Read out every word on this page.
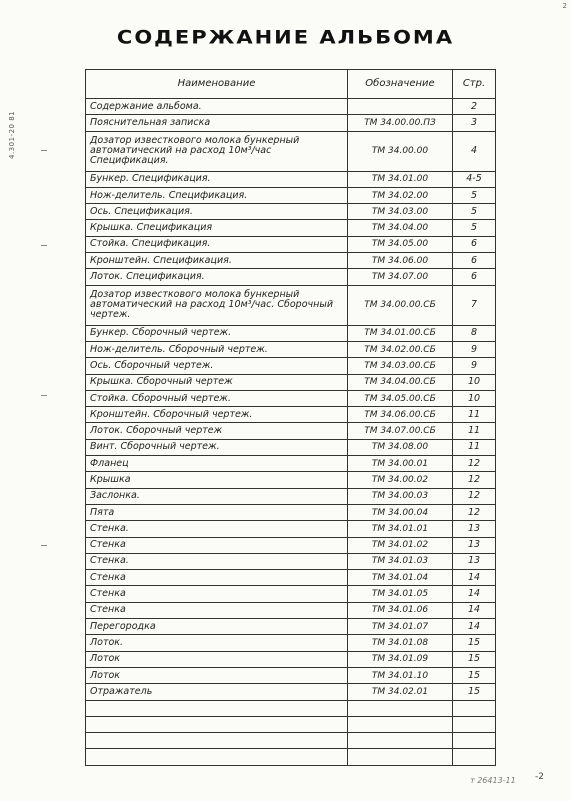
4.301-20 81
2
СОДЕРЖАНИЕ АЛЬБОМА
Наименование	Обозначение	Стр.
Содержание альбома.		2
Пояснительная записка	ТМ 34.00.00.ПЗ	3
Дозатор известкового молока бункерный автоматический на расход 10м³/час Спецификация.	ТМ 34.00.00	4
Бункер. Спецификация.	ТМ 34.01.00	4-5
Нож-делитель. Спецификация.	ТМ 34.02.00	5
Ось. Спецификация.	ТМ 34.03.00	5
Крышка. Спецификация	ТМ 34.04.00	5
Стойка. Спецификация.	ТМ 34.05.00	6
Кронштейн. Спецификация.	ТМ 34.06.00	6
Лоток. Спецификация.	ТМ 34.07.00	6
Дозатор известкового молока бункерный автоматический на расход 10м³/час. Сборочный чертеж.	ТМ 34.00.00.СБ	7
Бункер. Сборочный чертеж.	ТМ 34.01.00.СБ	8
Нож-делитель. Сборочный чертеж.	ТМ 34.02.00.СБ	9
Ось. Сборочный чертеж.	ТМ 34.03.00.СБ	9
Крышка. Сборочный чертеж	ТМ 34.04.00.СБ	10
Стойка. Сборочный чертеж.	ТМ 34.05.00.СБ	10
Кронштейн. Сборочный чертеж.	ТМ 34.06.00.СБ	11
Лоток. Сборочный чертеж	ТМ 34.07.00.СБ	11
Винт. Сборочный чертеж.	ТМ 34.08.00	11
Фланец	ТМ 34.00.01	12
Крышка	ТМ 34.00.02	12
Заслонка.	ТМ 34.00.03	12
Пята	ТМ 34.00.04	12
Стенка.	ТМ 34.01.01	13
Стенка	ТМ 34.01.02	13
Стенка.	ТМ 34.01.03	13
Стенка	ТМ 34.01.04	14
Стенка	ТМ 34.01.05	14
Стенка	ТМ 34.01.06	14
Перегородка	ТМ 34.01.07	14
Лоток.	ТМ 34.01.08	15
Лоток	ТМ 34.01.09	15
Лоток	ТМ 34.01.10	15
Отражатель	ТМ 34.02.01	15

т 26413-11 -2
